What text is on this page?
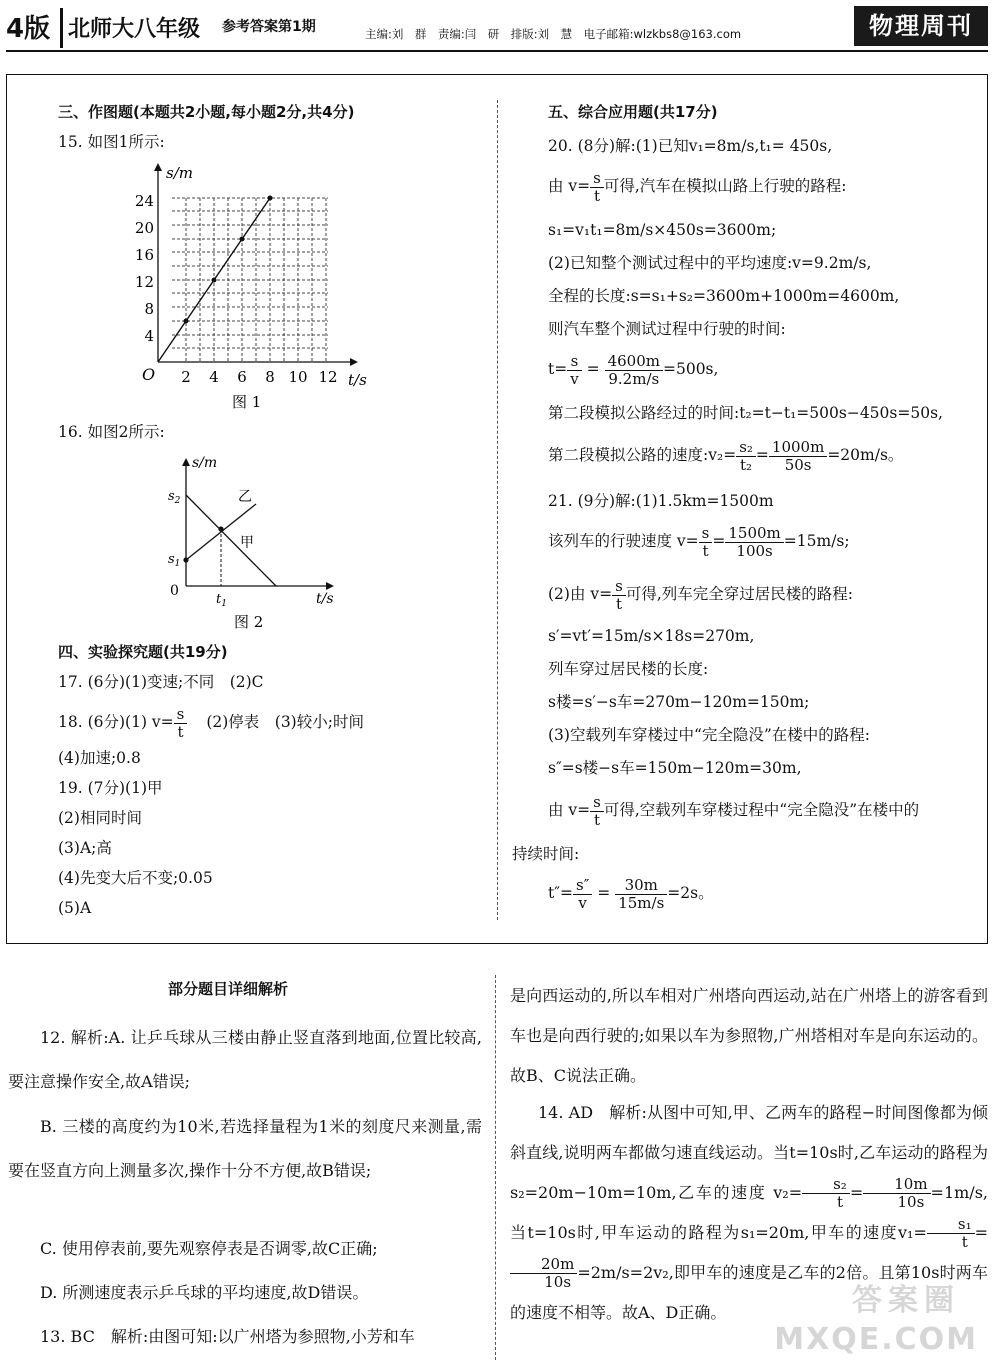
4版 北师大八年级 参考答案第1期	主编:刘　群　责编:闫　研　排版:刘　慧　电子邮箱:wlzkbs8@163.com	物理周刊
三、作图题(本题共2小题,每小题2分,共4分)
15. 如图1所示:
s/m
t/s
O
4
8
12
16
20
24
2 4 6 8 10 12
图 1
16. 如图2所示:
s/m
t/s
0
$s_2$
$s_1$
$t_1$
乙
甲
图 2
四、实验探究题(共19分)
17. (6分)(1)变速;不同　(2)C
18. (6分)(1) $v= \frac{s}{t} (2)$停表　(3)较小;时间
(4)加速;0.8
19. (7分)(1)甲
(2)相同时间
(3)A;高
(4)先变大后不变;0.05
(5)A
五、综合应用题(共17分)
20. (8分)解:(1)已知v₁=8m/s,t₁= 450s,
由 $v= \frac{s}{t}$ 可得,汽车在模拟山路上行驶的路程:
s₁=v₁t₁=8m/s×450s=3600m;
(2)已知整个测试过程中的平均速度:v=9.2m/s,
全程的长度:s=s₁+s₂=3600m+1000m=4600m,
则汽车整个测试过程中行驶的时间:
$t= \frac{s}{v} = \frac{4600m}{9.2m/s} =500s$,
第二段模拟公路经过的时间:t₂=t−t₁=500s−450s=50s,
第二段模拟公路的速度:v₂= $\frac{\text{s₂}}{\text{t₂}} = \frac{1000m}{50s} =20m/s$。
21. (9分)解:(1)1.5km=1500m
该列车的行驶速度 $v= \frac{s}{t} = \frac{1500m}{100s} =15m/s$;
(2)由 $v= \frac{s}{t}$ 可得,列车完全穿过居民楼的路程:
s′=vt′=15m/s×18s=270m,
列车穿过居民楼的长度:
s楼=s′−s车=270m−120m=150m;
(3)空载列车穿楼过中“完全隐没”在楼中的路程:
s″=s楼−s车=150m−120m=30m,
由 $v= \frac{s}{t}$ 可得,空载列车穿楼过程中“完全隐没”在楼中的
持续时间:
$t''= \frac{s''}{v} = \frac{30m}{15m/s} =2s$。
部分题目详细解析
12. 解析:A. 让乒乓球从三楼由静止竖直落到地面,位置比较高,要注意操作安全,故A错误;
B. 三楼的高度约为10米,若选择量程为1米的刻度尺来测量,需要在竖直方向上测量多次,操作十分不方便,故B错误;
C. 使用停表前,要先观察停表是否调零,故C正确;
D. 所测速度表示乒乓球的平均速度,故D错误。
13. BC　解析:由图可知:以广州塔为参照物,小芳和车
是向西运动的,所以车相对广州塔向西运动,站在广州塔上的游客看到车也是向西行驶的;如果以车为参照物,广州塔相对车是向东运动的。故B、C说法正确。
14. AD　解析:从图中可知,甲、乙两车的路程−时间图像都为倾斜直线,说明两车都做匀速直线运动。当t=10s时,乙车运动的路程为s₂=20m−10m=10m,乙车的速度 $v_2= \frac{\text{s₂}}{t} = \frac{10m}{10s} =1m/s$,当t=10s时,甲车运动的路程为s₁=20m,甲车的速度$v_1= \frac{\text{s₁}}{t}$ =
$\frac{20m}{10s} =2m/s=2v_2$,即甲车的速度是乙车的2倍。且第10s时两车的速度不相等。故A、D正确。	答案圈
MXQE.COM
